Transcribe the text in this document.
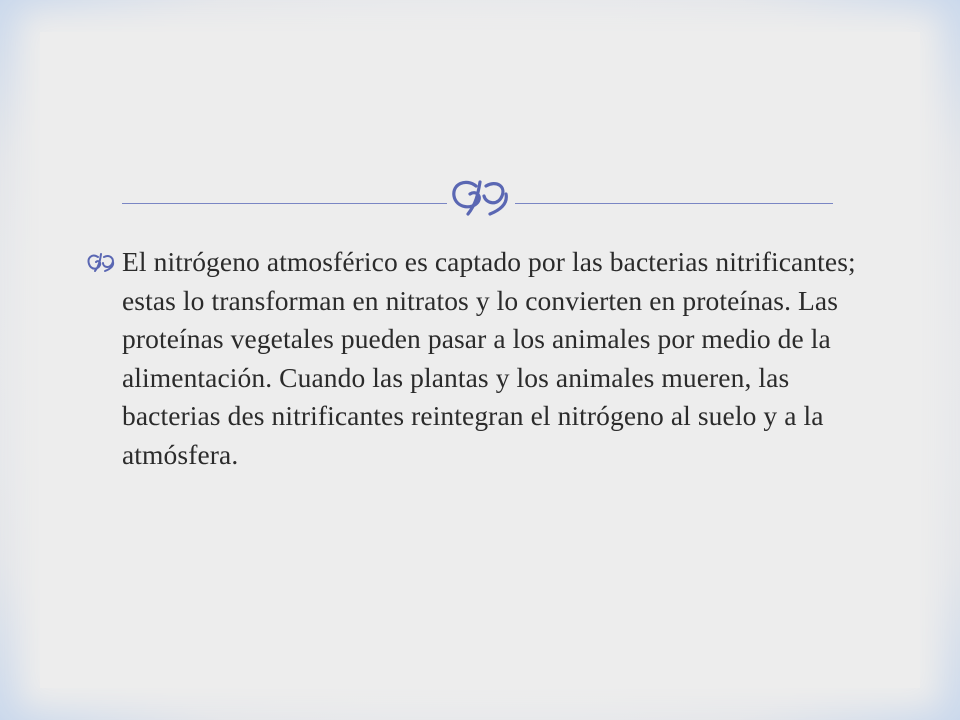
El nitrógeno atmosférico es captado por las bacterias nitrificantes; estas lo transforman en nitratos y lo convierten en proteínas. Las proteínas vegetales pueden pasar a los animales por medio de la alimentación. Cuando las plantas y los animales mueren, las bacterias des nitrificantes reintegran el nitrógeno al suelo y a la atmósfera.
